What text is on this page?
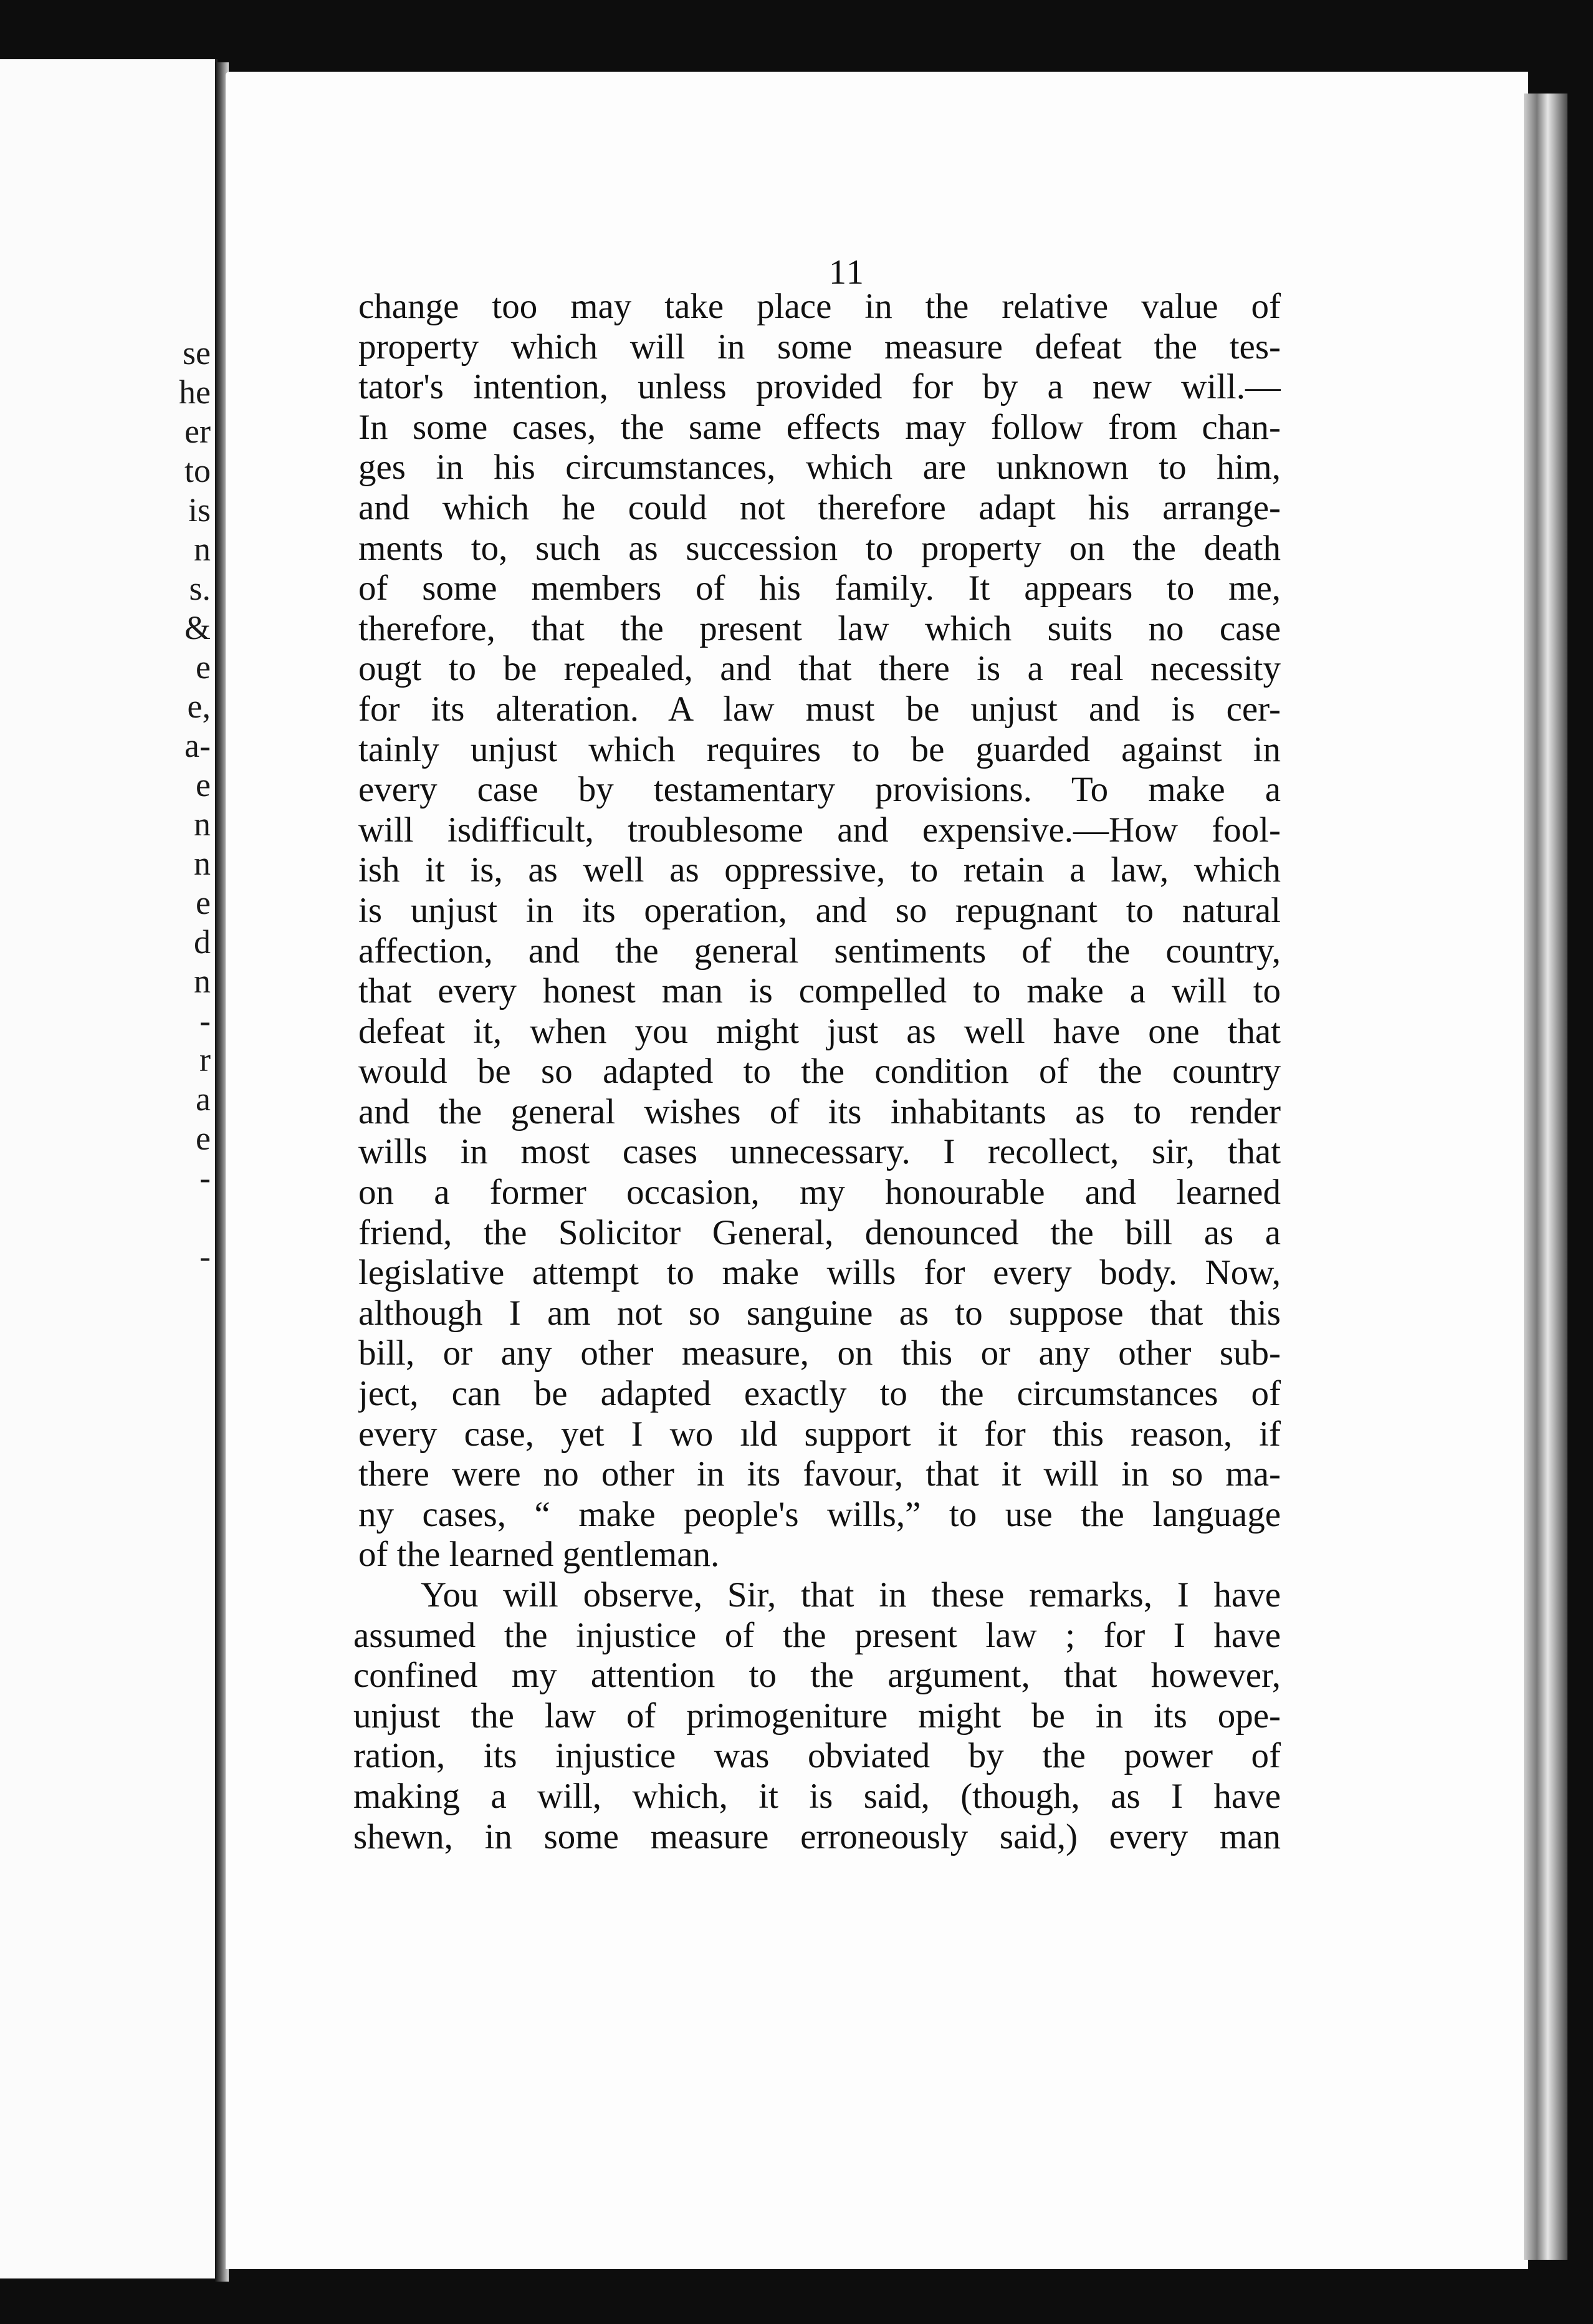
se
he
er
to
is
n
s.
&
e
e,
a-
e
n
n
e
d
n
-
r
a
e
-
-
11
change too may take place in the relative value of
property which will in some measure defeat the tes-
tator's intention, unless provided for by a new will.—
In some cases, the same effects may follow from chan-
ges in his circumstances, which are unknown to him,
and which he could not therefore adapt his arrange-
ments to, such as succession to property on the death
of some members of his family. It appears to me,
therefore, that the present law which suits no case
ougt to be repealed, and that there is a real necessity
for its alteration. A law must be unjust and is cer-
tainly unjust which requires to be guarded against in
every case by testamentary provisions. To make a
will isdifficult, troublesome and expensive.—How fool-
ish it is, as well as oppressive, to retain a law, which
is unjust in its operation, and so repugnant to natural
affection, and the general sentiments of the country,
that every honest man is compelled to make a will to
defeat it, when you might just as well have one that
would be so adapted to the condition of the country
and the general wishes of its inhabitants as to render
wills in most cases unnecessary. I recollect, sir, that
on a former occasion, my honourable and learned
friend, the Solicitor General, denounced the bill as a
legislative attempt to make wills for every body. Now,
although I am not so sanguine as to suppose that this
bill, or any other measure, on this or any other sub-
ject, can be adapted exactly to the circumstances of
every case, yet I wo ıld support it for this reason, if
there were no other in its favour, that it will in so ma-
ny cases, “ make people's wills,” to use the language
of the learned gentleman.
You will observe, Sir, that in these remarks, I have
assumed the injustice of the present law ; for I have
confined my attention to the argument, that however,
unjust the law of primogeniture might be in its ope-
ration, its injustice was obviated by the power of
making a will, which, it is said, (though, as I have
shewn, in some measure erroneously said,) every man
